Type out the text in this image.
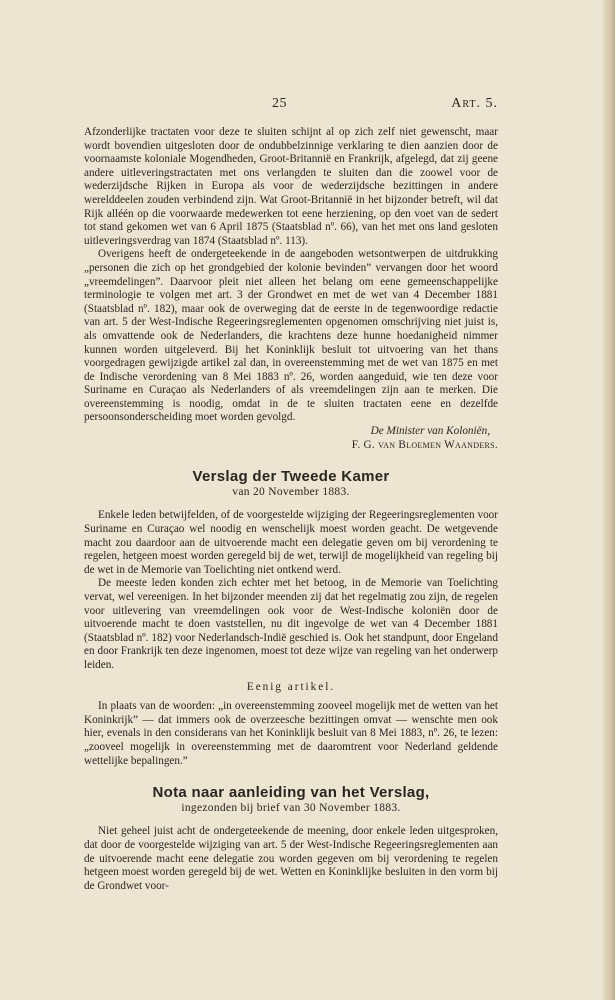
25	Art. 5.

Afzonderlijke tractaten voor deze te sluiten schijnt al op zich zelf niet gewenscht, maar wordt bovendien uitgesloten door de ondubbelzinnige verklaring te dien aanzien door de voornaamste koloniale Mogendheden, Groot-Britannië en Frankrijk, afgelegd, dat zij geene andere uitleveringstractaten met ons verlangden te sluiten dan die zoowel voor de wederzijdsche Rijken in Europa als voor de wederzijdsche bezittingen in andere werelddeelen zouden verbindend zijn. Wat Groot-Britannië in het bijzonder betreft, wil dat Rijk alléén op die voorwaarde medewerken tot eene herziening, op den voet van de sedert tot stand gekomen wet van 6 April 1875 (Staatsblad nº. 66), van het met ons land gesloten uitleveringsverdrag van 1874 (Staatsblad nº. 113).

Overigens heeft de ondergeteekende in de aangeboden wetsontwerpen de uitdrukking „personen die zich op het grondgebied der kolonie bevinden” vervangen door het woord „vreemdelingen”. Daarvoor pleit niet alleen het belang om eene gemeenschappelijke terminologie te volgen met art. 3 der Grondwet en met de wet van 4 December 1881 (Staatsblad nº. 182), maar ook de overweging dat de eerste in de tegenwoordige redactie van art. 5 der West-Indische Regeeringsreglementen opgenomen omschrijving niet juist is, als omvattende ook de Nederlanders, die krachtens deze hunne hoedanigheid nimmer kunnen worden uitgeleverd. Bij het Koninklijk besluit tot uitvoering van het thans voorgedragen gewijzigde artikel zal dan, in overeenstemming met de wet van 1875 en met de Indische verordening van 8 Mei 1883 nº. 26, worden aangeduid, wie ten deze voor Suriname en Curaçao als Nederlanders of als vreemdelingen zijn aan te merken. Die overeenstemming is noodig, omdat in de te sluiten tractaten eene en dezelfde persoonsonderscheiding moet worden gevolgd.

De Minister van Koloniën,

F. G. van Bloemen Waanders.

Verslag der Tweede Kamer
van 20 November 1883.

Enkele leden betwijfelden, of de voorgestelde wijziging der Regeeringsreglementen voor Suriname en Curaçao wel noodig en wenschelijk moest worden geacht. De wetgevende macht zou daardoor aan de uitvoerende macht een delegatie geven om bij verordening te regelen, hetgeen moest worden geregeld bij de wet, terwijl de mogelijkheid van regeling bij de wet in de Memorie van Toelichting niet ontkend werd.

De meeste leden konden zich echter met het betoog, in de Memorie van Toelichting vervat, wel vereenigen. In het bijzonder meenden zij dat het regelmatig zou zijn, de regelen voor uitlevering van vreemdelingen ook voor de West-Indische koloniën door de uitvoerende macht te doen vaststellen, nu dit ingevolge de wet van 4 December 1881 (Staatsblad nº. 182) voor Nederlandsch-Indië geschied is. Ook het standpunt, door Engeland en door Frankrijk ten deze ingenomen, moest tot deze wijze van regeling van het onderwerp leiden.

Eenig artikel.

In plaats van de woorden: „in overeenstemming zooveel mogelijk met de wetten van het Koninkrijk” — dat immers ook de overzeesche bezittingen omvat — wenschte men ook hier, evenals in den considerans van het Koninklijk besluit van 8 Mei 1883, nº. 26, te lezen: „zooveel mogelijk in overeenstemming met de daaromtrent voor Nederland geldende wettelijke bepalingen.”

Nota naar aanleiding van het Verslag,
ingezonden bij brief van 30 November 1883.

Niet geheel juist acht de ondergeteekende de meening, door enkele leden uitgesproken, dat door de voorgestelde wijziging van art. 5 der West-Indische Regeeringsreglementen aan de uitvoerende macht eene delegatie zou worden gegeven om bij verordening te regelen hetgeen moest worden geregeld bij de wet. Wetten en Koninklijke besluiten in den vorm bij de Grondwet voor-
